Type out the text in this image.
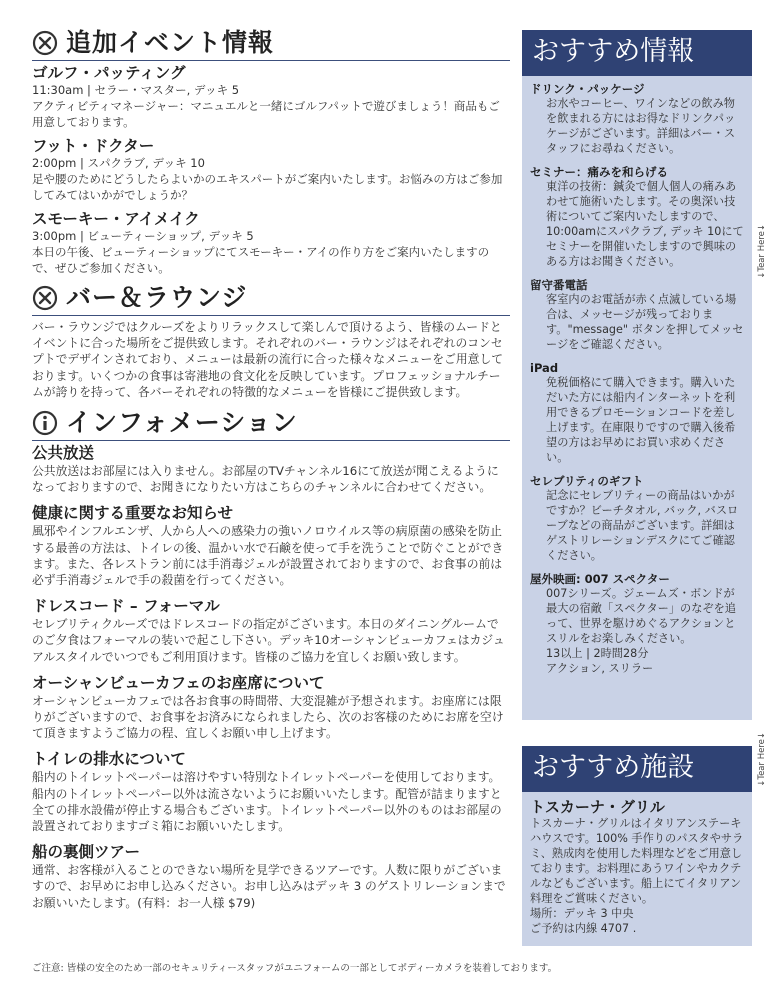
追加イベント情報
ゴルフ・パッティング
11:30am | セラー・マスター, デッキ 5
アクティビティマネージャー：マニュエルと一緒にゴルフパットで遊びましょう！商品もご用意しております。
フット・ドクター
2:00pm | スパクラブ, デッキ 10
足や腰のためにどうしたらよいかのエキスパートがご案内いたします。お悩みの方はご参加してみてはいかがでしょうか？
スモーキー・アイメイク
3:00pm | ビューティーショップ, デッキ 5
本日の午後、ビューティーショップにてスモーキー・アイの作り方をご案内いたしますので、ぜひご参加ください。
バー＆ラウンジ
バー・ラウンジではクルーズをよりリラックスして楽しんで頂けるよう、皆様のムードとイベントに合った場所をご提供致します。それぞれのバー・ラウンジはそれぞれのコンセプトでデザインされており、メニューは最新の流行に合った様々なメニューをご用意しております。いくつかの食事は寄港地の食文化を反映しています。プロフェッショナルチームが誇りを持って、各バーそれぞれの特徴的なメニューを皆様にご提供致します。
インフォメーション
公共放送
公共放送はお部屋には入りません。お部屋のTVチャンネル16にて放送が聞こえるようになっておりますので、お聞きになりたい方はこちらのチャンネルに合わせてください。
健康に関する重要なお知らせ
風邪やインフルエンザ、人から人への感染力の強いノロウイルス等の病原菌の感染を防止する最善の方法は、トイレの後、温かい水で石鹸を使って手を洗うことで防ぐことができます。また、各レストラン前には手消毒ジェルが設置されておりますので、お食事の前は必ず手消毒ジェルで手の殺菌を行ってください。
ドレスコード – フォーマル
セレブリティクルーズではドレスコードの指定がございます。本日のダイニングルームでのご夕食はフォーマルの装いで起こし下さい。デッキ10オーシャンビューカフェはカジュアルスタイルでいつでもご利用頂けます。皆様のご協力を宜しくお願い致します。
オーシャンビューカフェのお座席について
オーシャンビューカフェでは各お食事の時間帯、大変混雑が予想されます。お座席には限りがございますので、お食事をお済みになられましたら、次のお客様のためにお席を空けて頂きますようご協力の程、宜しくお願い申し上げます。
トイレの排水について
船内のトイレットペーパーは溶けやすい特別なトイレットペーパーを使用しております。船内のトイレットペーパー以外は流さないようにお願いいたします。配管が詰まりますと全ての排水設備が停止する場合もございます。トイレットペーパー以外のものはお部屋の設置されておりますゴミ箱にお願いいたします。
船の裏側ツアー
通常、お客様が入ることのできない場所を見学できるツアーです。人数に限りがございますので、お早めにお申し込みください。お申し込みはデッキ 3 のゲストリレーションまでお願いいたします。(有料：お一人様 $79)
おすすめ情報
ドリンク・パッケージ
お水やコーヒー、ワインなどの飲み物を飲まれる方にはお得なドリンクパッケージがございます。詳細はバー・スタッフにお尋ねください。
セミナー：痛みを和らげる
東洋の技術：鍼灸で個人個人の痛みあわせて施術いたします。その奥深い技術についてご案内いたしますので、10:00amにスパクラブ, デッキ 10にてセミナーを開催いたしますので興味のある方はお聞きください。
留守番電話
客室内のお電話が赤く点滅している場合は、メッセージが残っております。"message" ボタンを押してメッセージをご確認ください。
iPad
免税価格にて購入できます。購入いただいた方には船内インターネットを利用できるプロモーションコードを差し上げます。在庫限りですので購入後希望の方はお早めにお買い求めください。
セレブリティのギフト
記念にセレブリティーの商品はいかがですか？ビーチタオル, バック, バスローブなどの商品がございます。詳細はゲストリレーションデスクにてご確認ください。
屋外映画: 007 スペクター
007シリーズ。ジェームズ・ボンドが最大の宿敵「スペクター」のなぞを追って、世界を駆けめぐるアクションとスリルをお楽しみください。
13以上 | 2時間28分
アクション, スリラー
おすすめ施設
トスカーナ・グリル
トスカーナ・グリルはイタリアンステーキハウスです。100% 手作りのパスタやサラミ、熟成肉を使用した料理などをご用意しております。お料理にあうワインやカクテルなどもございます。船上にてイタリアン料理をご賞味ください。
場所：デッキ 3 中央
ご予約は内線 4707 .
↓Tear Here↓
↓Tear Here↓
ご注意: 皆様の安全のため一部のセキュリティースタッフがユニフォームの一部としてボディーカメラを装着しております。
